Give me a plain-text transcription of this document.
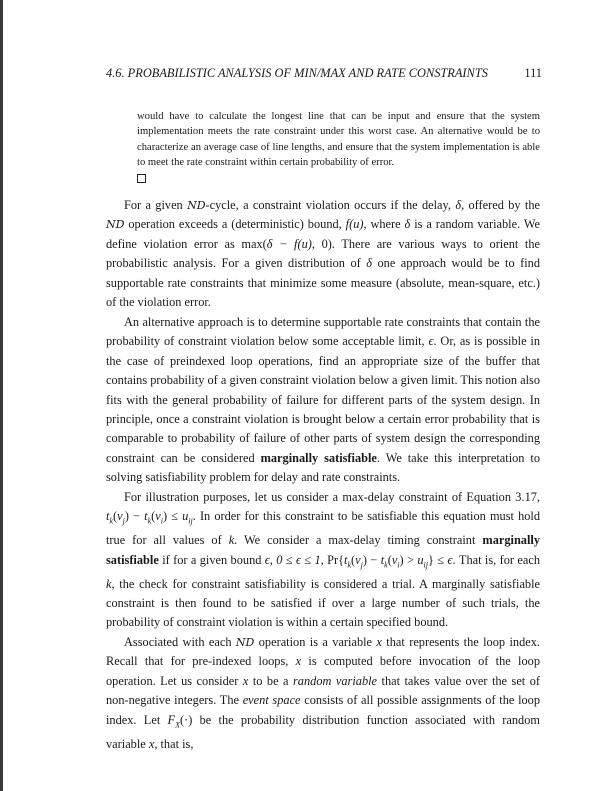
4.6. PROBABILISTIC ANALYSIS OF MIN/MAX AND RATE CONSTRAINTS	111
would have to calculate the longest line that can be input and ensure that the system implementation meets the rate constraint under this worst case. An alternative would be to characterize an average case of line lengths, and ensure that the system implementation is able to meet the rate constraint within certain probability of error.

For a given ND-cycle, a constraint violation occurs if the delay, δ, offered by the ND operation exceeds a (deterministic) bound, f(u), where δ is a random variable. We define violation error as max(δ − f(u), 0). There are various ways to orient the probabilistic analysis. For a given distribution of δ one approach would be to find supportable rate constraints that minimize some measure (absolute, mean-square, etc.) of the violation error.

An alternative approach is to determine supportable rate constraints that contain the probability of constraint violation below some acceptable limit, ϵ. Or, as is possible in the case of preindexed loop operations, find an appropriate size of the buffer that contains probability of a given constraint violation below a given limit. This notion also fits with the general probability of failure for different parts of the system design. In principle, once a constraint violation is brought below a certain error probability that is comparable to probability of failure of other parts of system design the corresponding constraint can be considered marginally satisfiable. We take this interpretation to solving satisfiability problem for delay and rate constraints.

For illustration purposes, let us consider a max-delay constraint of Equation 3.17, $t_k(v_j) - t_k(v_i) \le u_{ij}$. In order for this constraint to be satisfiable this equation must hold true for all values of k. We consider a max-delay timing constraint marginally satisfiable if for a given bound ϵ, 0 ≤ ϵ ≤ 1, $Pr\{t_k(v_j) - t_k(v_i) > u_{ij}\} \le \epsilon$. That is, for each k, the check for constraint satisfiability is considered a trial. A marginally satisfiable constraint is then found to be satisfied if over a large number of such trials, the probability of constraint violation is within a certain specified bound.

Associated with each ND operation is a variable x that represents the loop index. Recall that for pre-indexed loops, x is computed before invocation of the loop operation. Let us consider x to be a random variable that takes value over the set of non-negative integers. The event space consists of all possible assignments of the loop index. Let $F_X(\cdot)$ be the probability distribution function associated with random variable x, that is,
